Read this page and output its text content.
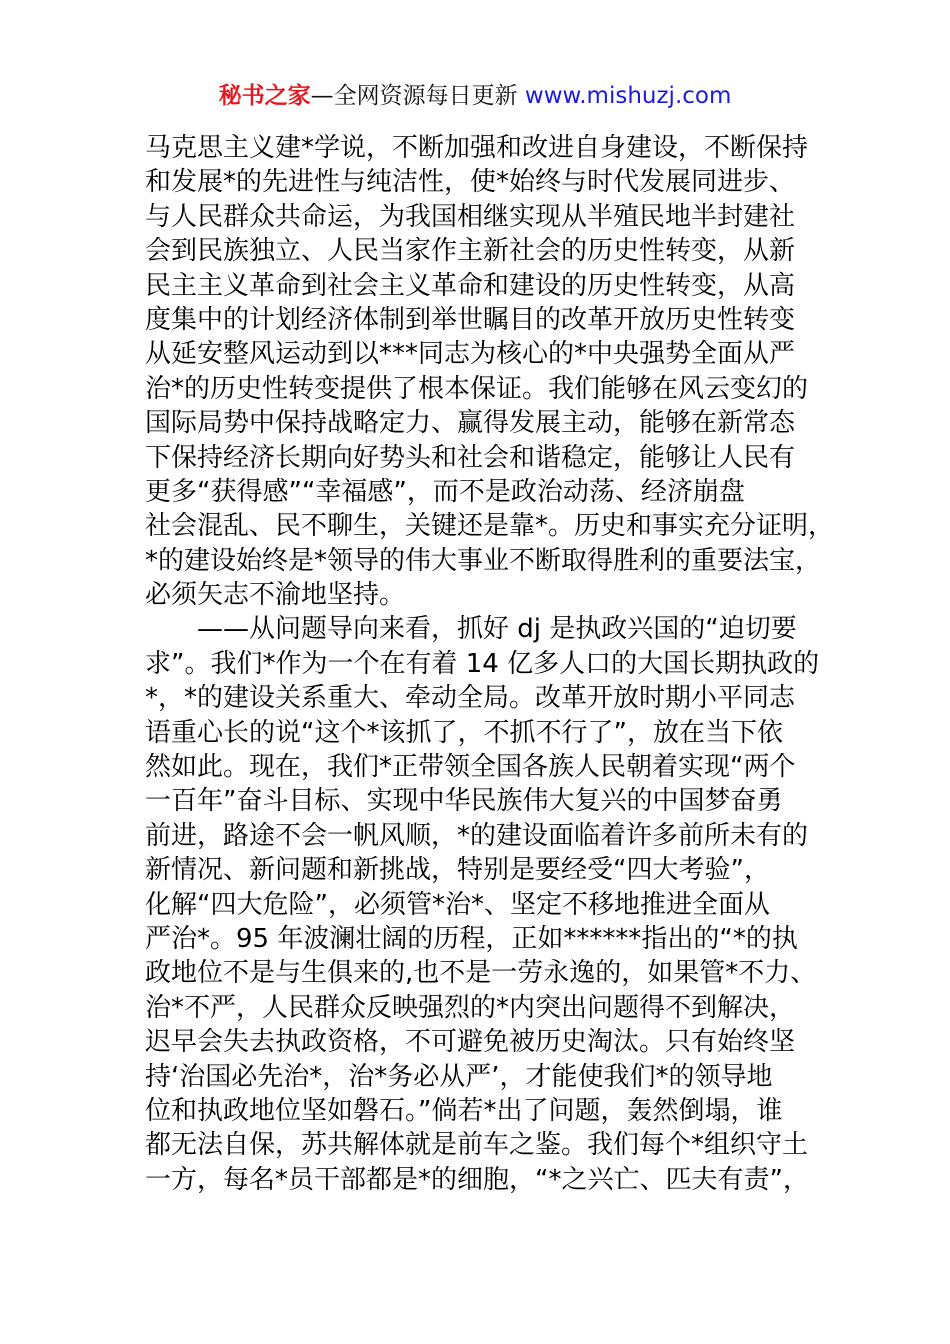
秘书之家—全网资源每日更新 www.mishuzj.com
马克思主义建*学说，不断加强和改进自身建设，不断保持
和发展*的先进性与纯洁性，使*始终与时代发展同进步、
与人民群众共命运，为我国相继实现从半殖民地半封建社
会到民族独立、人民当家作主新社会的历史性转变，从新
民主主义革命到社会主义革命和建设的历史性转变，从高
度集中的计划经济体制到举世瞩目的改革开放历史性转变
从延安整风运动到以***同志为核心的*中央强势全面从严
治*的历史性转变提供了根本保证。我们能够在风云变幻的
国际局势中保持战略定力、赢得发展主动，能够在新常态
下保持经济长期向好势头和社会和谐稳定，能够让人民有
更多“获得感”“幸福感”，而不是政治动荡、经济崩盘
社会混乱、民不聊生，关键还是靠*。历史和事实充分证明，
*的建设始终是*领导的伟大事业不断取得胜利的重要法宝，
必须矢志不渝地坚持。
——从问题导向来看，抓好 dj 是执政兴国的“迫切要
求”。我们*作为一个在有着 14 亿多人口的大国长期执政的
*，*的建设关系重大、牵动全局。改革开放时期小平同志
语重心长的说“这个*该抓了，不抓不行了”，放在当下依
然如此。现在，我们*正带领全国各族人民朝着实现“两个
一百年”奋斗目标、实现中华民族伟大复兴的中国梦奋勇
前进，路途不会一帆风顺，*的建设面临着许多前所未有的
新情况、新问题和新挑战，特别是要经受“四大考验”，
化解“四大危险”，必须管*治*、坚定不移地推进全面从
严治*。95 年波澜壮阔的历程，正如******指出的“*的执
政地位不是与生俱来的,也不是一劳永逸的，如果管*不力、
治*不严，人民群众反映强烈的*内突出问题得不到解决，
迟早会失去执政资格，不可避免被历史淘汰。只有始终坚
持‘治国必先治*，治*务必从严’，才能使我们*的领导地
位和执政地位坚如磐石。”倘若*出了问题，轰然倒塌，谁
都无法自保，苏共解体就是前车之鉴。我们每个*组织守土
一方，每名*员干部都是*的细胞，“*之兴亡、匹夫有责”，
